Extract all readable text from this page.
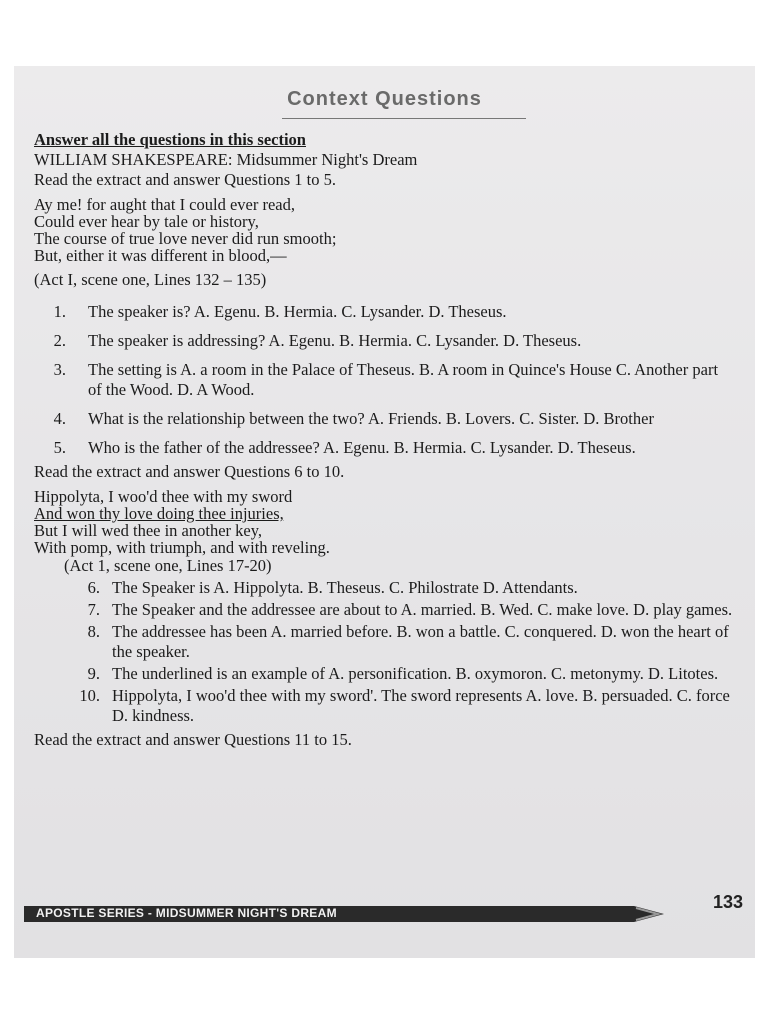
Context Questions
Answer all the questions in this section
WILLIAM SHAKESPEARE: Midsummer Night's Dream
Read the extract and answer Questions 1 to 5.
Ay me! for aught that I could ever read,
Could ever hear by tale or history,
The course of true love never did run smooth;
But, either it was different in blood,—
(Act I, scene one, Lines 132 – 135)
1.	The speaker is? A. Egenu. B. Hermia. C. Lysander. D. Theseus.
2.	The speaker is addressing? A. Egenu. B. Hermia. C. Lysander. D. Theseus.
3.	The setting is A. a room in the Palace of Theseus. B. A room in Quince's House C. Another part of the Wood. D. A Wood.
4.	What is the relationship between the two? A. Friends. B. Lovers. C. Sister. D. Brother
5.	Who is the father of the addressee? A. Egenu. B. Hermia. C. Lysander. D. Theseus.
Read the extract and answer Questions 6 to 10.
Hippolyta, I woo'd thee with my sword
And won thy love doing thee injuries,
But I will wed thee in another key,
With pomp, with triumph, and with reveling.
(Act 1, scene one, Lines 17-20)
6. The Speaker is A. Hippolyta. B. Theseus. C. Philostrate D. Attendants.
7. The Speaker and the addressee are about to A. married. B. Wed. C. make love. D. play games.
8. The addressee has been A. married before. B. won a battle. C. conquered. D. won the heart of the speaker.
9. The underlined is an example of A. personification. B. oxymoron. C. metonymy. D. Litotes.
10. Hippolyta, I woo'd thee with my sword'. The sword represents A. love. B. persuaded. C. force D. kindness.
Read the extract and answer Questions 11 to 15.
APOSTLE SERIES - MIDSUMMER NIGHT'S DREAM
133
